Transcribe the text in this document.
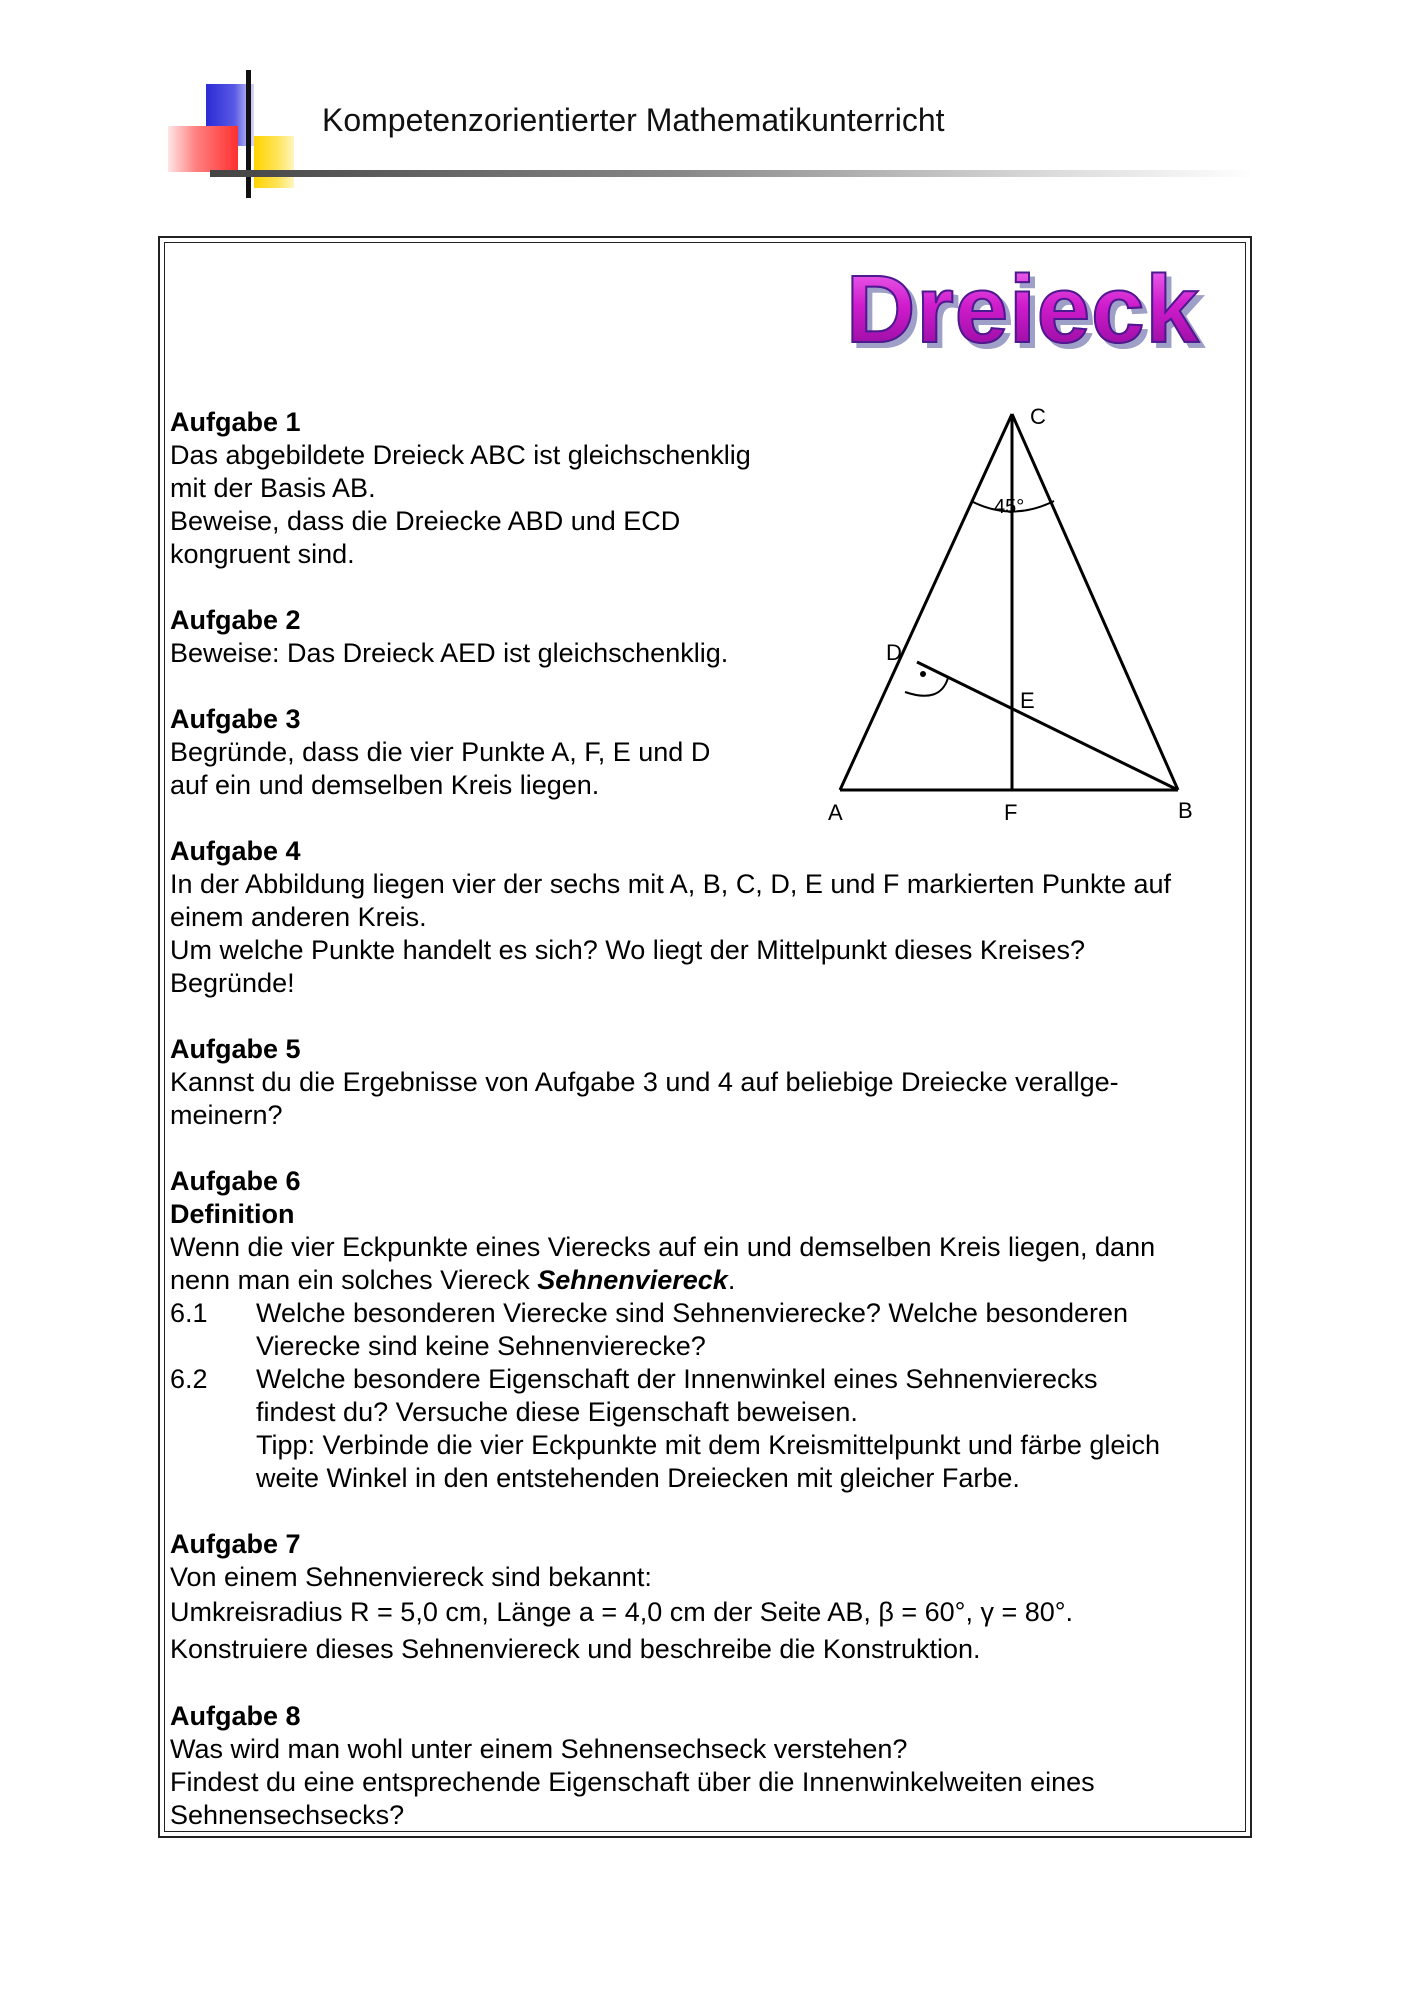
Kompetenzorientierter Mathematikunterricht
Dreieck
45°
C
D
E
A	F	B
Aufgabe 1
Das abgebildete Dreieck ABC ist gleichschenklig
mit der Basis AB.
Beweise, dass die Dreiecke ABD und ECD
kongruent sind.
Aufgabe 2
Beweise: Das Dreieck AED ist gleichschenklig.
Aufgabe 3
Begründe, dass die vier Punkte A, F, E und D
auf ein und demselben Kreis liegen.
Aufgabe 4
In der Abbildung liegen vier der sechs mit A, B, C, D, E und F markierten Punkte auf
einem anderen Kreis.
Um welche Punkte handelt es sich? Wo liegt der Mittelpunkt dieses Kreises?
Begründe!
Aufgabe 5
Kannst du die Ergebnisse von Aufgabe 3 und 4 auf beliebige Dreiecke verallge-
meinern?
Aufgabe 6
Definition
Wenn die vier Eckpunkte eines Vierecks auf ein und demselben Kreis liegen, dann
nenn man ein solches Viereck Sehnenviereck.
6.1 Welche besonderen Vierecke sind Sehnenvierecke? Welche besonderen
Vierecke sind keine Sehnenvierecke?
6.2 Welche besondere Eigenschaft der Innenwinkel eines Sehnenvierecks
findest du? Versuche diese Eigenschaft beweisen.
Tipp: Verbinde die vier Eckpunkte mit dem Kreismittelpunkt und färbe gleich
weite Winkel in den entstehenden Dreiecken mit gleicher Farbe.
Aufgabe 7
Von einem Sehnenviereck sind bekannt:
Umkreisradius R = 5,0 cm, Länge a = 4,0 cm der Seite AB, β = 60°, γ = 80°.
Konstruiere dieses Sehnenviereck und beschreibe die Konstruktion.
Aufgabe 8
Was wird man wohl unter einem Sehnensechseck verstehen?
Findest du eine entsprechende Eigenschaft über die Innenwinkelweiten eines
Sehnensechsecks?
